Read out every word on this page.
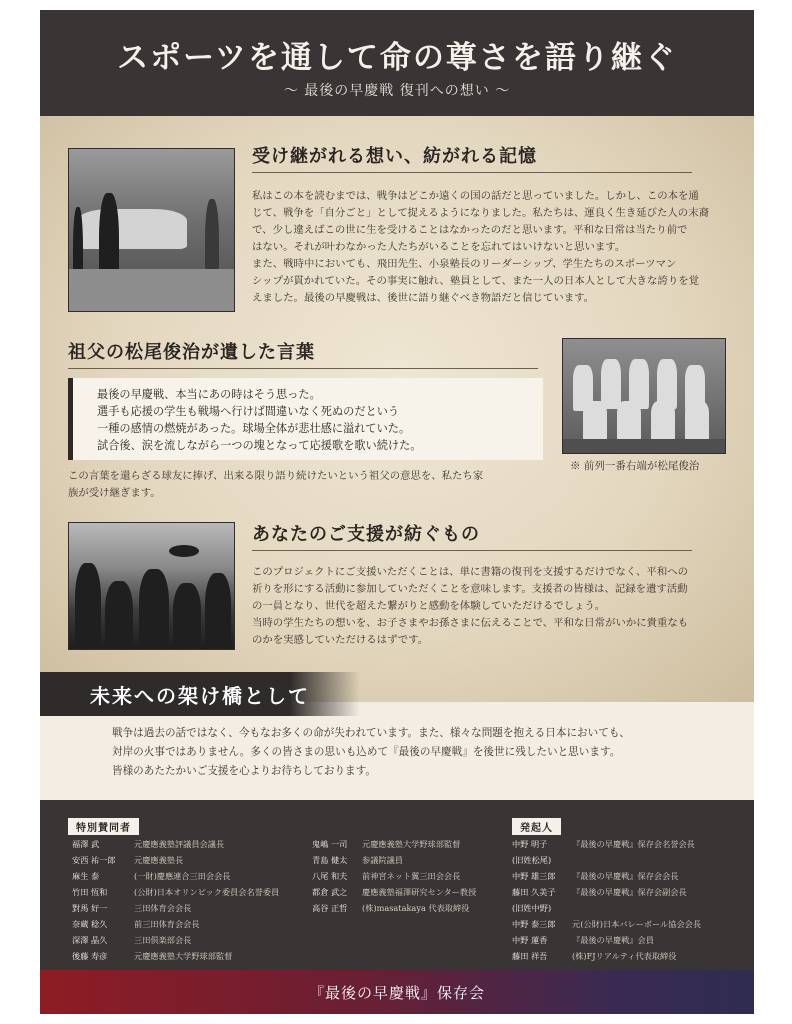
スポーツを通して命の尊さを語り継ぐ
～ 最後の早慶戦 復刊への想い ～
受け継がれる想い、紡がれる記憶

私はこの本を読むまでは、戦争はどこか遠くの国の話だと思っていました。しかし、この本を通
じて、戦争を「自分ごと」として捉えるようになりました。私たちは、運良く生き延びた人の末裔
で、少し違えばこの世に生を受けることはなかったのだと思います。平和な日常は当たり前で
はない。それが叶わなかった人たちがいることを忘れてはいけないと思います。
また、戦時中においても、飛田先生、小泉塾長のリーダーシップ、学生たちのスポーツマン
シップが貫かれていた。その事実に触れ、塾員として、また一人の日本人として大きな誇りを覚
えました。最後の早慶戦は、後世に語り継ぐべき物語だと信じています。

祖父の松尾俊治が遺した言葉

最後の早慶戦、本当にあの時はそう思った。
選手も応援の学生も戦場へ行けば間違いなく死ぬのだという
一種の感情の燃焼があった。球場全体が悲壮感に溢れていた。
試合後、涙を流しながら一つの塊となって応援歌を歌い続けた。

この言葉を還らざる球友に捧げ、出来る限り語り続けたいという祖父の意思を、私たち家
族が受け継ぎます。

※ 前列一番右端が松尾俊治
あなたのご支援が紡ぐもの

このプロジェクトにご支援いただくことは、単に書籍の復刊を支援するだけでなく、平和への
祈りを形にする活動に参加していただくことを意味します。支援者の皆様は、記録を遺す活動
の一員となり、世代を超えた繋がりと感動を体験していただけるでしょう。
当時の学生たちの想いを、お子さまやお孫さまに伝えることで、平和な日常がいかに貴重なも
のかを実感していただけるはずです。

未来への架け橋として

戦争は過去の話ではなく、今もなお多くの命が失われています。また、様々な問題を抱える日本においても、
対岸の火事ではありません。多くの皆さまの思いも込めて『最後の早慶戦』を後世に残したいと思います。
皆様のあたたかいご支援を心よりお待ちしております。

特別賛同者	発起人
福澤 武	元慶應義塾評議員会議長
安西 祐一郎 元慶應義塾長
麻生 泰	(一財)慶應連合三田会会長
竹田 恆和	(公財)日本オリンピック委員会名誉委員
對馬 好一	三田体育会会長
奈蔵 稔久	前三田体育会会長
深澤 晶久	三田倶楽部会長
後藤 寿彦	元慶應義塾大学野球部監督
鬼嶋 一司 元慶應義塾大学野球部監督
青島 健太 参議院議員
八尾 和夫 前神宮ネット翼三田会会長
都倉 武之 慶應義塾福澤研究センター教授
高谷 正哲 (株)masatakaya 代表取締役
中野 明子	『最後の早慶戦』保存会名誉会長
(旧姓松尾)
中野 雄三郎 『最後の早慶戦』保存会会長
藤田 久美子 『最後の早慶戦』保存会副会長
(旧姓中野)
中野 泰三郎 元(公財)日本バレーボール協会会長
中野 蓮香	『最後の早慶戦』会員
藤田 祥吾	(株)FJリアルティ代表取締役
『最後の早慶戦』保存会
